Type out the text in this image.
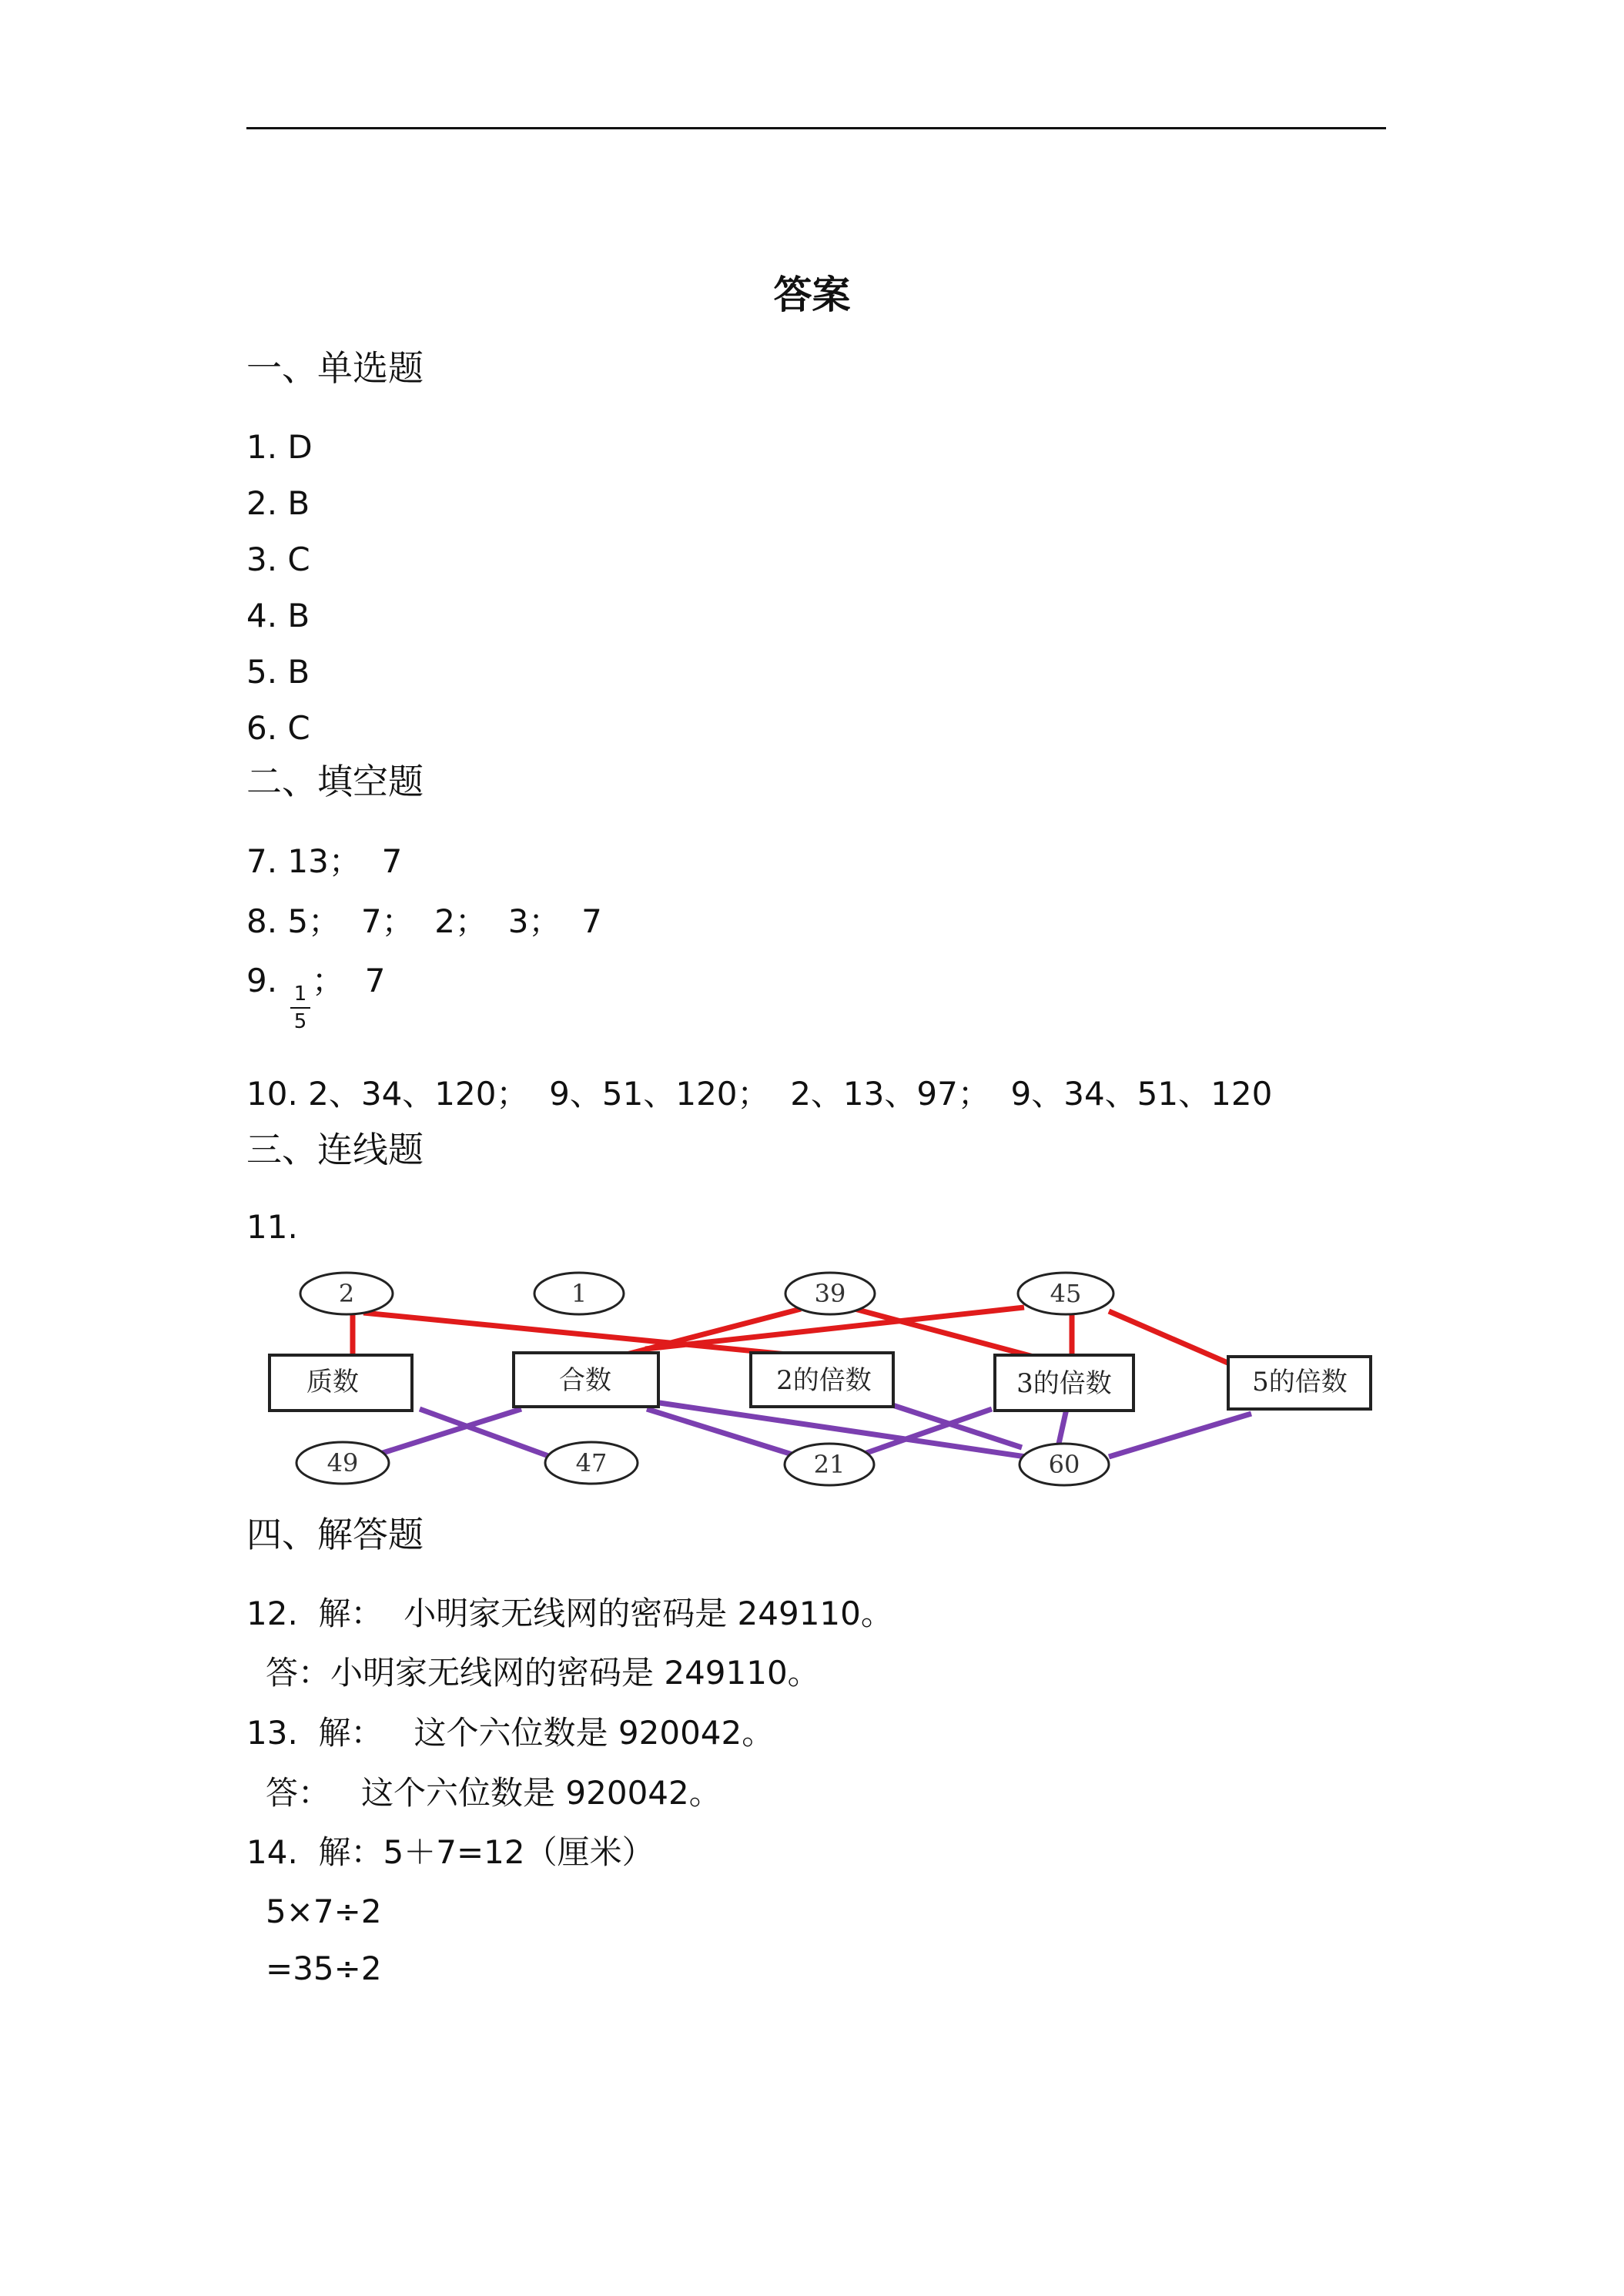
答案
一、单选题
1. D
2. B
3. C
4. B
5. B
6. C
二、填空题
7. 13；  7
8. 5；  7；  2；  3；  7
9. 1
5
；  7
10. 2、34、120；  9、51、120；  2、13、97；  9、34、51、120
三、连线题
11.
2	1	39	45
质数	合数	2的倍数	3的倍数	5的倍数
49	47	21	60
四、解答题
12.  解：  小明家无线网的密码是 249110。
答：小明家无线网的密码是 249110。
13.  解：   这个六位数是 920042。
答：   这个六位数是 920042。
14.  解：5＋7=12（厘米）
5×7÷2
=35÷2
